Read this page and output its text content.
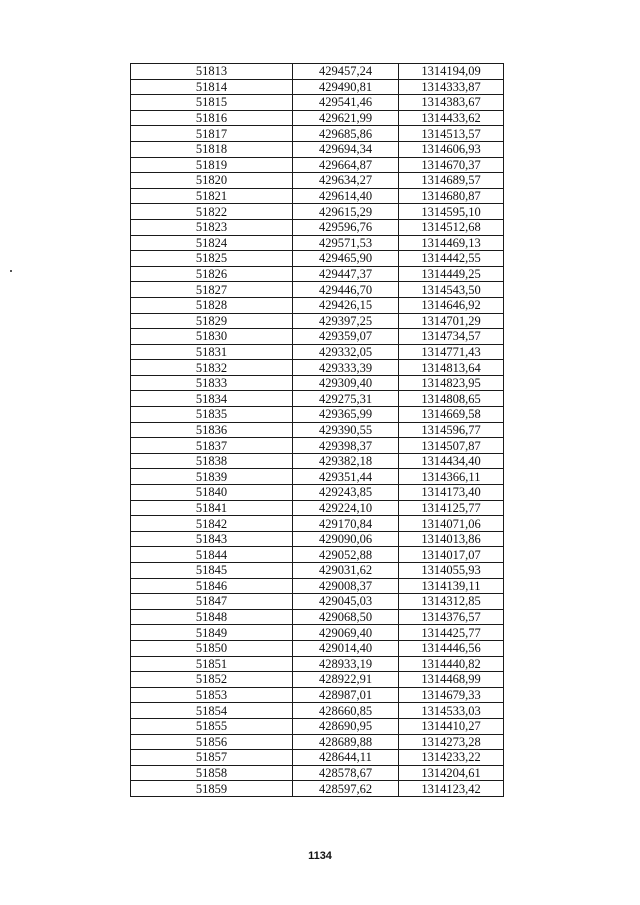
51813	429457,24	1314194,09
51814	429490,81	1314333,87
51815	429541,46	1314383,67
51816	429621,99	1314433,62
51817	429685,86	1314513,57
51818	429694,34	1314606,93
51819	429664,87	1314670,37
51820	429634,27	1314689,57
51821	429614,40	1314680,87
51822	429615,29	1314595,10
51823	429596,76	1314512,68
51824	429571,53	1314469,13
51825	429465,90	1314442,55
51826	429447,37	1314449,25
51827	429446,70	1314543,50
51828	429426,15	1314646,92
51829	429397,25	1314701,29
51830	429359,07	1314734,57
51831	429332,05	1314771,43
51832	429333,39	1314813,64
51833	429309,40	1314823,95
51834	429275,31	1314808,65
51835	429365,99	1314669,58
51836	429390,55	1314596,77
51837	429398,37	1314507,87
51838	429382,18	1314434,40
51839	429351,44	1314366,11
51840	429243,85	1314173,40
51841	429224,10	1314125,77
51842	429170,84	1314071,06
51843	429090,06	1314013,86
51844	429052,88	1314017,07
51845	429031,62	1314055,93
51846	429008,37	1314139,11
51847	429045,03	1314312,85
51848	429068,50	1314376,57
51849	429069,40	1314425,77
51850	429014,40	1314446,56
51851	428933,19	1314440,82
51852	428922,91	1314468,99
51853	428987,01	1314679,33
51854	428660,85	1314533,03
51855	428690,95	1314410,27
51856	428689,88	1314273,28
51857	428644,11	1314233,22
51858	428578,67	1314204,61
51859	428597,62	1314123,42
1134
